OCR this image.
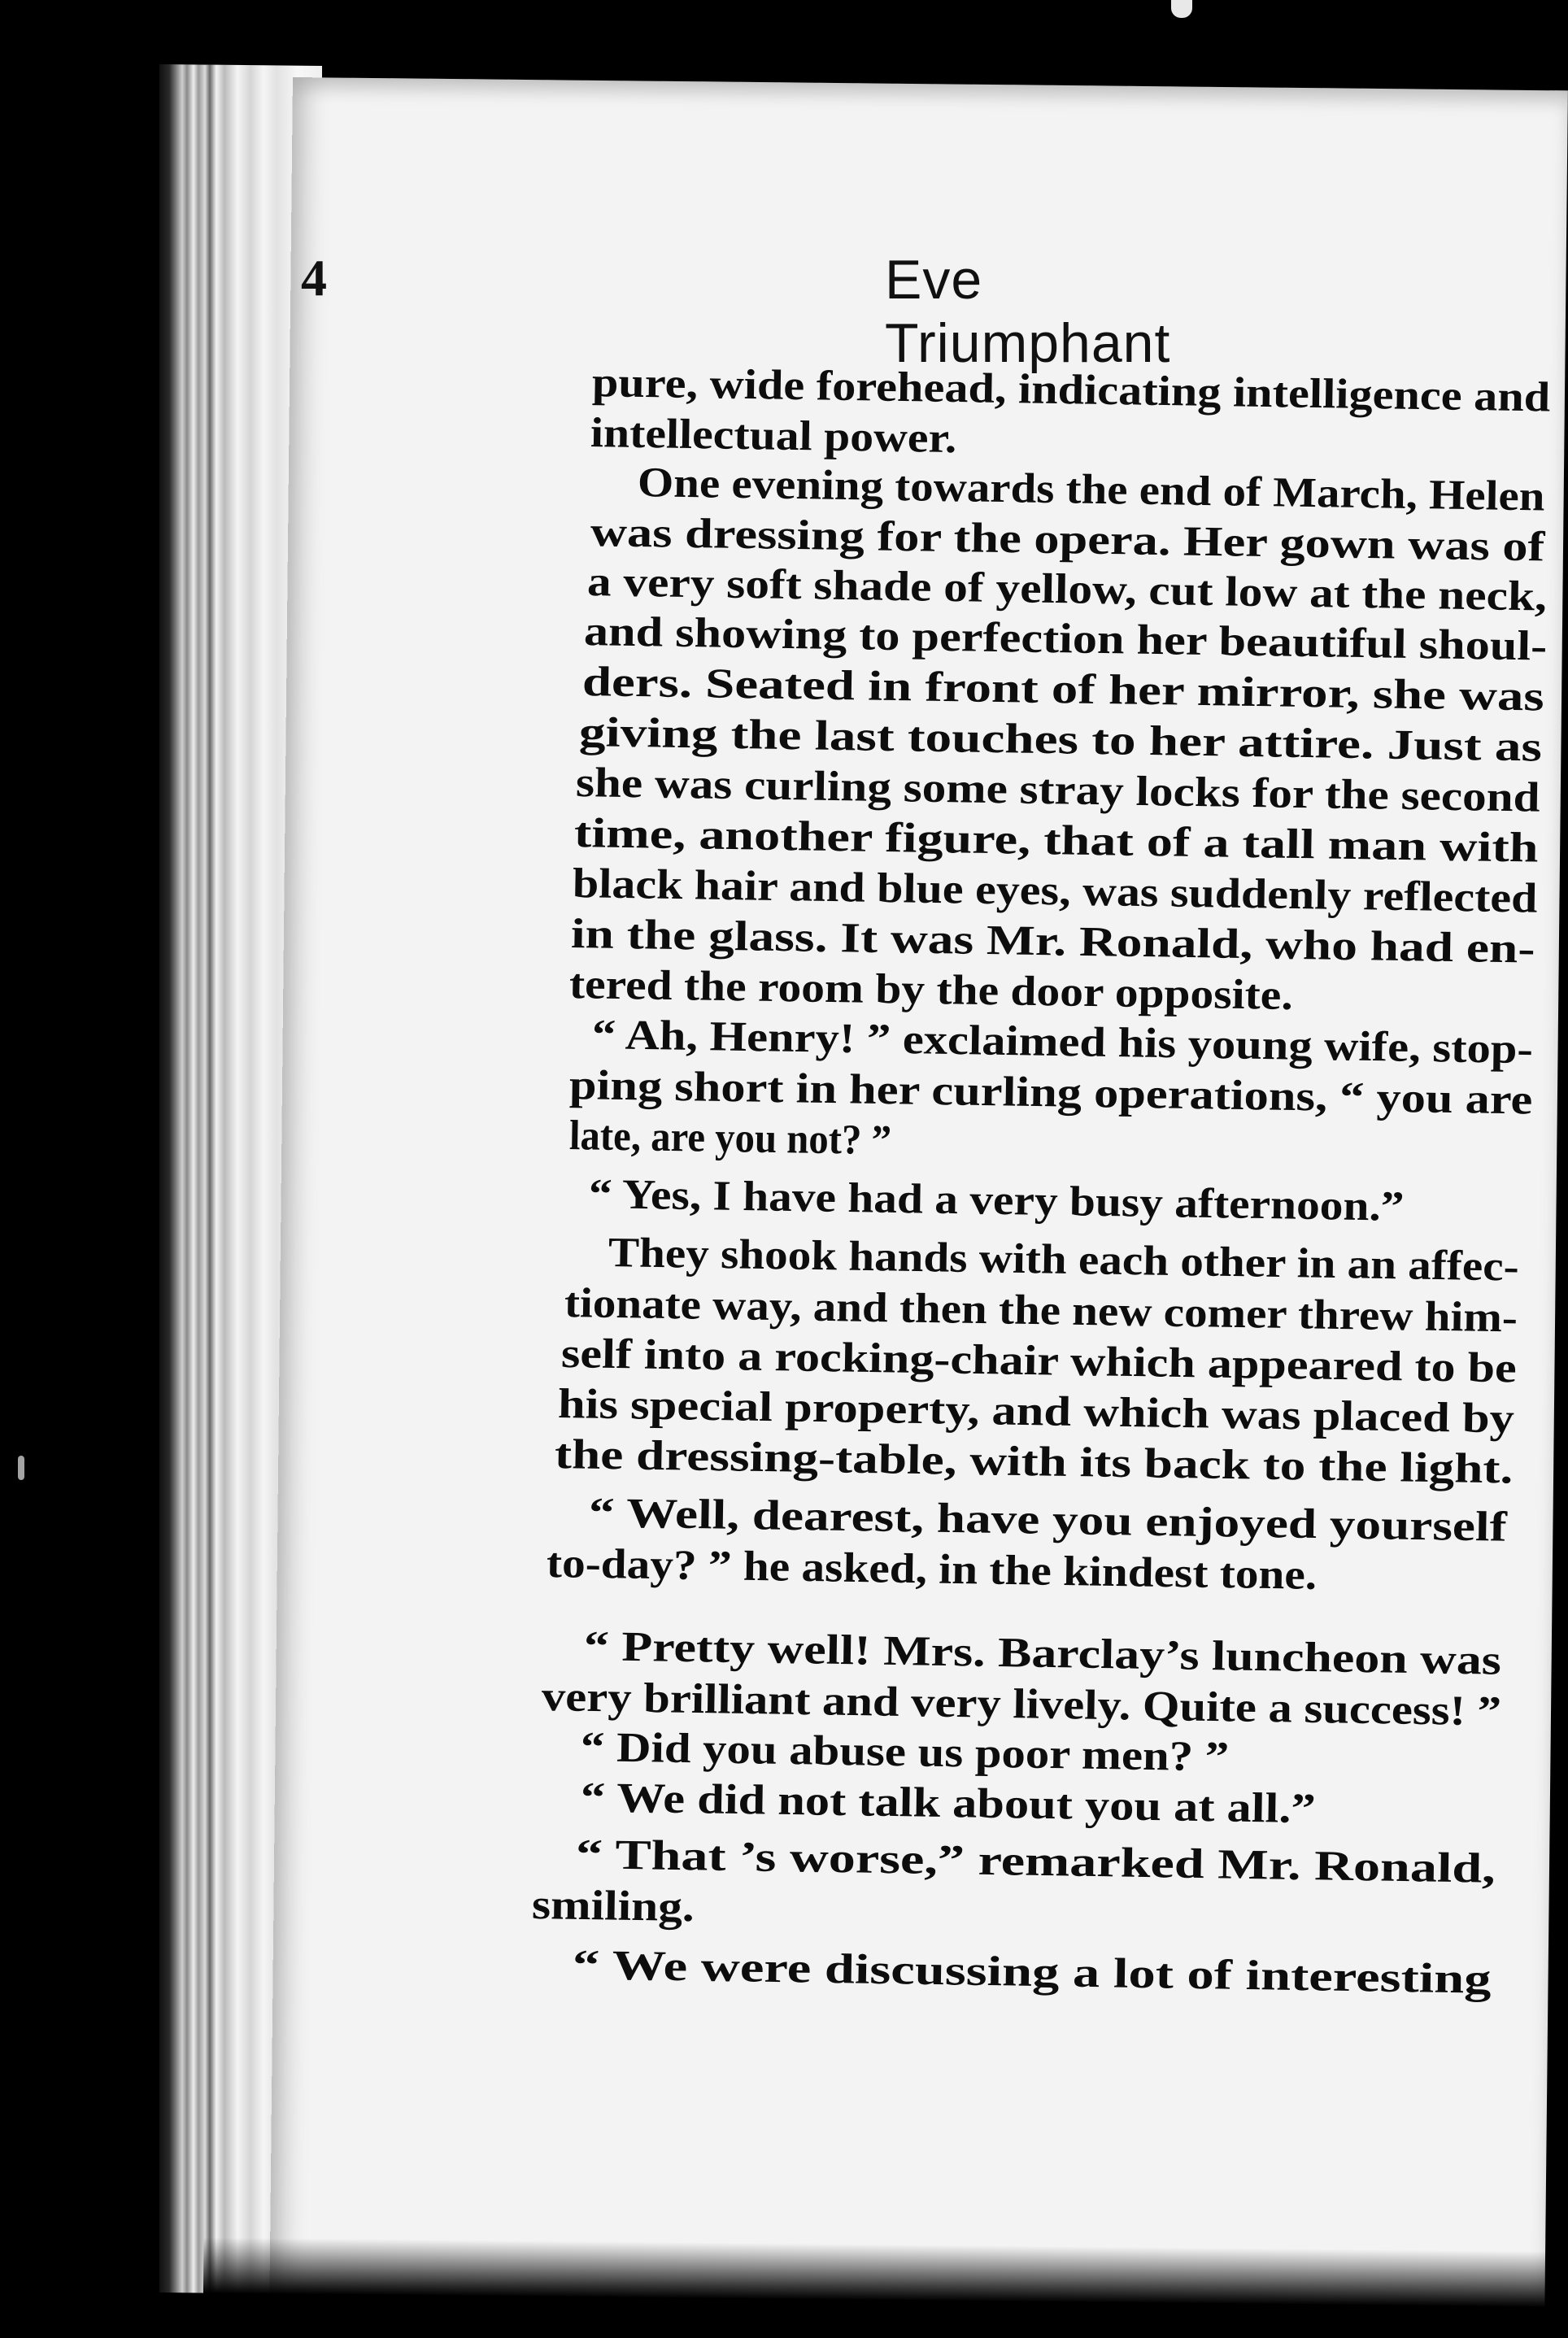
4	Eve Triumphant
pure, wide forehead, indicating intelligence and
intellectual power.
One evening towards the end of March, Helen
was dressing for the opera. Her gown was of
a very soft shade of yellow, cut low at the neck,
and showing to perfection her beautiful shoul-
ders. Seated in front of her mirror, she was
giving the last touches to her attire. Just as
she was curling some stray locks for the second
time, another figure, that of a tall man with
black hair and blue eyes, was suddenly reflected
in the glass. It was Mr. Ronald, who had en-
tered the room by the door opposite.
“ Ah, Henry! ” exclaimed his young wife, stop-
ping short in her curling operations, “ you are
late, are you not? ”
“ Yes, I have had a very busy afternoon.”
They shook hands with each other in an affec-
tionate way, and then the new comer threw him-
self into a rocking-chair which appeared to be
his special property, and which was placed by
the dressing-table, with its back to the light.
“ Well, dearest, have you enjoyed yourself
to-day? ” he asked, in the kindest tone.
“ Pretty well! Mrs. Barclay’s luncheon was
very brilliant and very lively. Quite a success! ”
“ Did you abuse us poor men? ”
“ We did not talk about you at all.”
“ That ’s worse,” remarked Mr. Ronald,
smiling.
“ We were discussing a lot of interesting
